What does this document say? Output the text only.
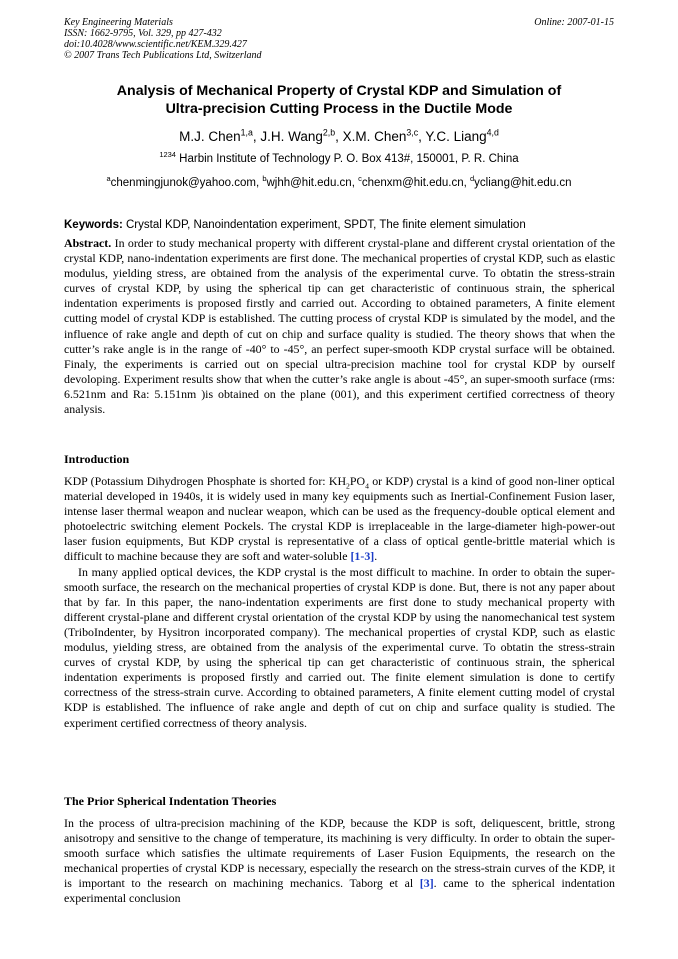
Key Engineering Materials
ISSN: 1662-9795, Vol. 329, pp 427-432
doi:10.4028/www.scientific.net/KEM.329.427
© 2007 Trans Tech Publications Ltd, Switzerland
Online: 2007-01-15
Analysis of Mechanical Property of Crystal KDP and Simulation of
Ultra-precision Cutting Process in the Ductile Mode
M.J. Chen$^{1,a}$, J.H. Wang$^{2,b}$, X.M. Chen$^{3,c}$, Y.C. Liang$^{4,d}$
$^{1234}$ Harbin Institute of Technology P. O. Box 413#, 150001, P. R. China
$^a$chenmingjunok@yahoo.com, $^b$wjhh@hit.edu.cn, $^c$chenxm@hit.edu.cn, $^d$ycliang@hit.edu.cn
Keywords: Crystal KDP, Nanoindentation experiment, SPDT, The finite element simulation

Abstract. In order to study mechanical property with different crystal-plane and different crystal orientation of the crystal KDP, nano-indentation experiments are first done. The mechanical properties of crystal KDP, such as elastic modulus, yielding stress, are obtained from the analysis of the experimental curve. To obtatin the stress-strain curves of crystal KDP, by using the spherical tip can get characteristic of continuous strain, the spherical indentation experiments is proposed firstly and carried out. According to obtained parameters, A finite element cutting model of crystal KDP is established. The cutting process of crystal KDP is simulated by the model, and the influence of rake angle and depth of cut on chip and surface quality is studied. The theory shows that when the cutter’s rake angle is in the range of -40° to -45°, an perfect super-smooth KDP crystal surface will be obtained. Finaly, the experiments is carried out on special ultra-precision machine tool for crystal KDP by ourself devoloping. Experiment results show that when the cutter’s rake angle is about -45°, an super-smooth surface (rms: 6.521nm and Ra: 5.151nm )is obtained on the plane (001), and this experiment certified correctness of theory analysis.

Introduction

KDP (Potassium Dihydrogen Phosphate is shorted for: $KH_2PO_4$ or KDP) crystal is a kind of good non-liner optical material developed in 1940s, it is widely used in many key equipments such as Inertial-Confinement Fusion laser, intense laser thermal weapon and nuclear weapon, which can be used as the frequency-double optical element and photoelectric switching element Pockels. The crystal KDP is irreplaceable in the large-diameter high-power-out laser fusion equipments, But KDP crystal is representative of a class of optical gentle-brittle material which is difficult to machine because they are soft and water-soluble [1-3].

In many applied optical devices, the KDP crystal is the most difficult to machine. In order to obtain the super-smooth surface, the research on the mechanical properties of crystal KDP is done. But, there is not any paper about that by far. In this paper, the nano-indentation experiments are first done to study mechanical property with different crystal-plane and different crystal orientation of the crystal KDP by using the nanomechanical test system (TriboIndenter, by Hysitron incorporated company). The mechanical properties of crystal KDP, such as elastic modulus, yielding stress, are obtained from the analysis of the experimental curve. To obtatin the stress-strain curves of crystal KDP, by using the spherical tip can get characteristic of continuous strain, the spherical indentation experiments is proposed firstly and carried out. The finite element simulation is done to certify correctness of the stress-strain curve. According to obtained parameters, A finite element cutting model of crystal KDP is established. The influence of rake angle and depth of cut on chip and surface quality is studied. The experiment certified correctness of theory analysis.

The Prior Spherical Indentation Theories

In the process of ultra-precision machining of the KDP, because the KDP is soft, deliquescent, brittle, strong anisotropy and sensitive to the change of temperature, its machining is very difficulty. In order to obtain the super-smooth surface which satisfies the ultimate requirements of Laser Fusion Equipments, the research on the mechanical properties of crystal KDP is necessary, especially the research on the stress-strain curves of the KDP, it is important to the research on machining mechanics. Taborg et al [3]. came to the spherical indentation experimental conclusion
